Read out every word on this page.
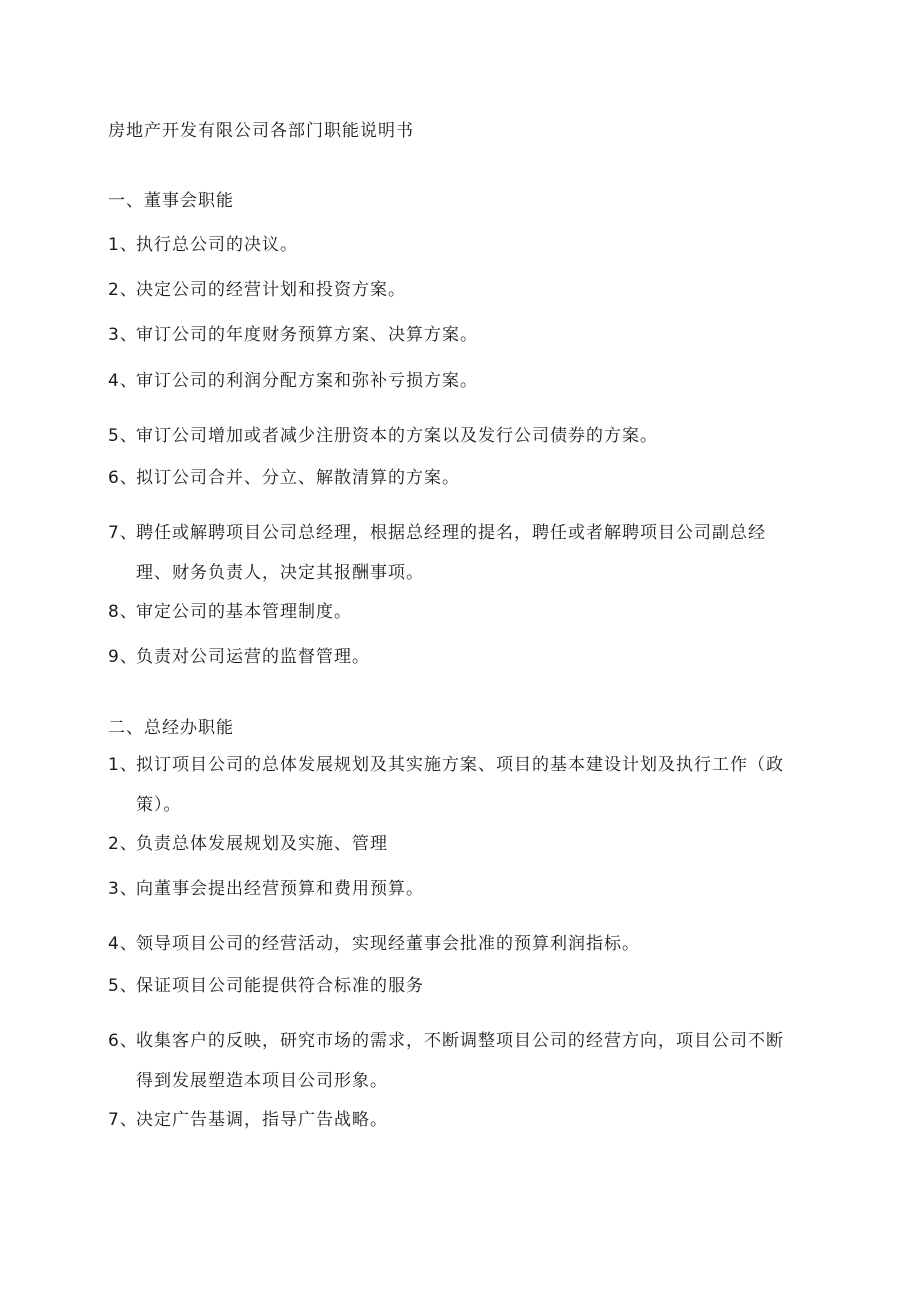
房地产开发有限公司各部门职能说明书
一、董事会职能
1、
执行总公司的决议。
2、
决定公司的经营计划和投资方案。
3、
审订公司的年度财务预算方案、决算方案。
4、
审订公司的利润分配方案和弥补亏损方案。
5、
审订公司增加或者减少注册资本的方案以及发行公司债券的方案。
6、
拟订公司合并、分立、解散清算的方案。
7、
聘任或解聘项目公司总经理，根据总经理的提名，聘任或者解聘项目公司副总经
理、财务负责人，决定其报酬事项。
8、
审定公司的基本管理制度。
9、
负责对公司运营的监督管理。
二、总经办职能
1、
拟订项目公司的总体发展规划及其实施方案、项目的基本建设计划及执行工作（政
策）。
2、
负责总体发展规划及实施、管理
3、
向董事会提出经营预算和费用预算。
4、
领导项目公司的经营活动，实现经董事会批准的预算利润指标。
5、
保证项目公司能提供符合标准的服务
6、
收集客户的反映，研究市场的需求，不断调整项目公司的经营方向，项目公司不断
得到发展塑造本项目公司形象。
7、
决定广告基调，指导广告战略。
